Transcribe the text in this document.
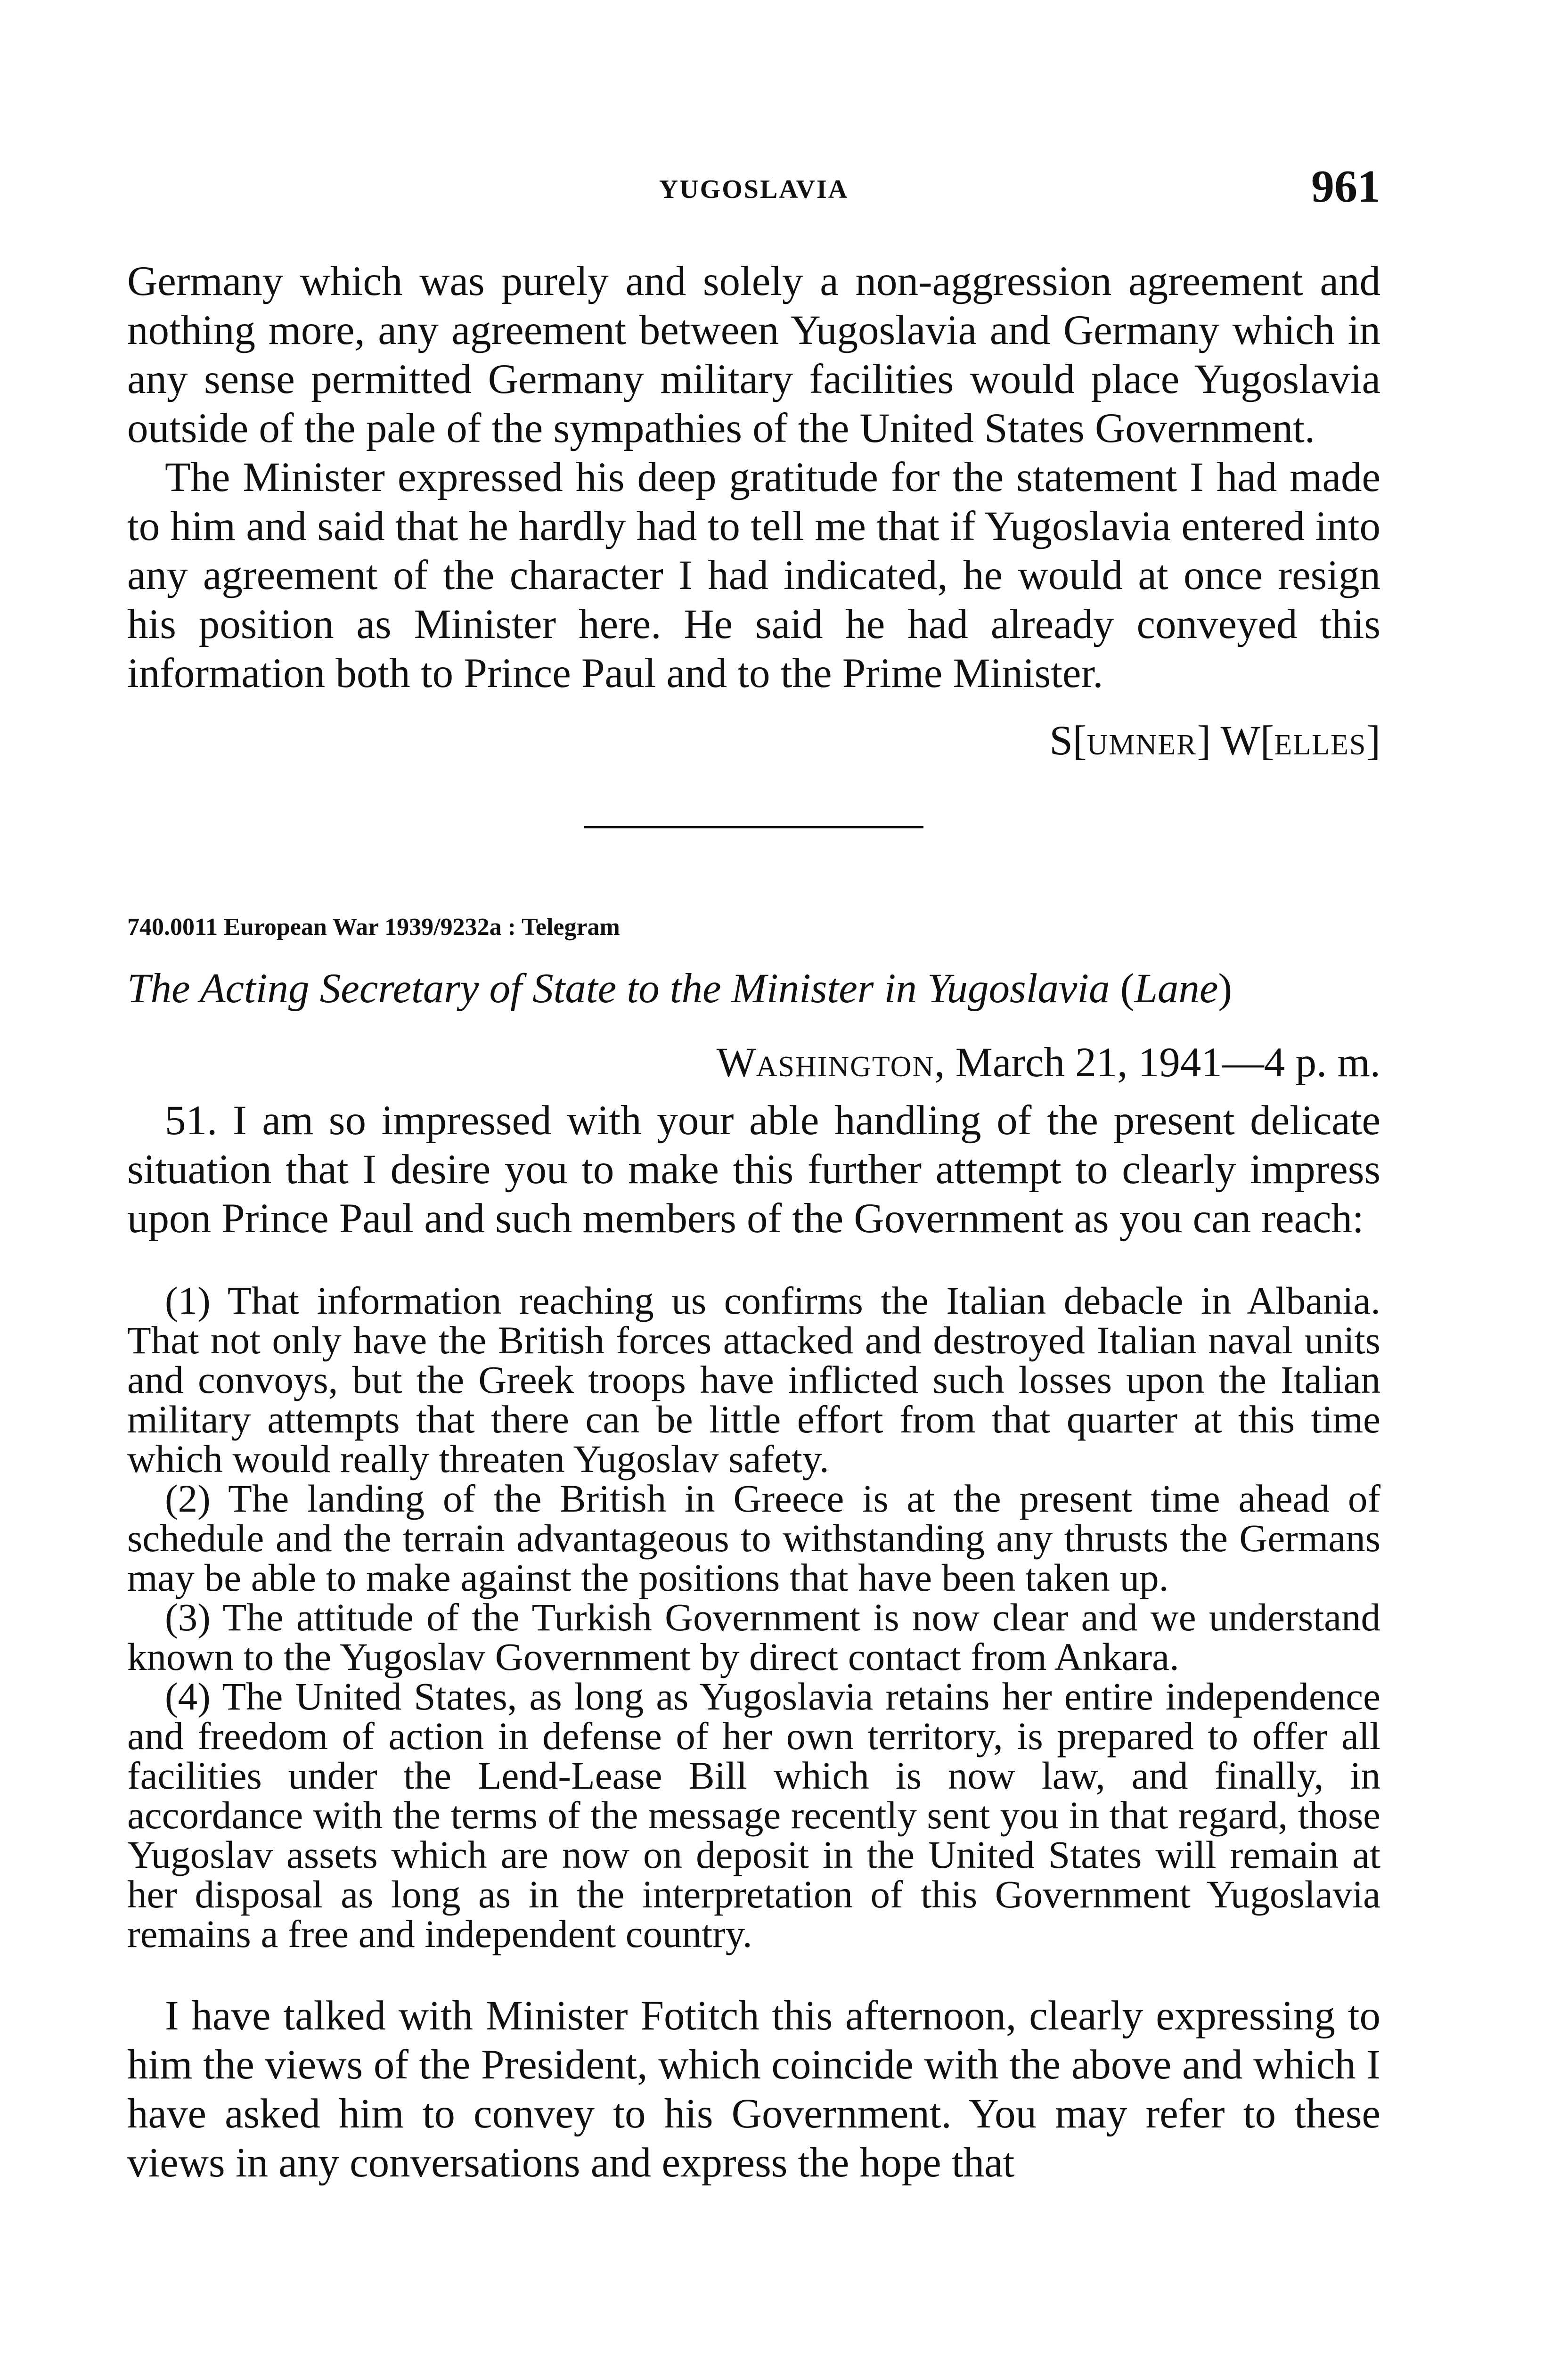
YUGOSLAVIA	961

Germany which was purely and solely a non-aggression agreement and nothing more, any agreement between Yugoslavia and Germany which in any sense permitted Germany military facilities would place Yugoslavia outside of the pale of the sympathies of the United States Government.

The Minister expressed his deep gratitude for the statement I had made to him and said that he hardly had to tell me that if Yugoslavia entered into any agreement of the character I had indicated, he would at once resign his position as Minister here. He said he had already conveyed this information both to Prince Paul and to the Prime Minister.

S[UMNER] W[ELLES]
740.0011 European War 1939/9232a : Telegram
The Acting Secretary of State to the Minister in Yugoslavia (Lane)
WASHINGTON, March 21, 1941—4 p. m.

51. I am so impressed with your able handling of the present delicate situation that I desire you to make this further attempt to clearly impress upon Prince Paul and such members of the Government as you can reach:

(1) That information reaching us confirms the Italian debacle in Albania. That not only have the British forces attacked and destroyed Italian naval units and convoys, but the Greek troops have inflicted such losses upon the Italian military attempts that there can be little effort from that quarter at this time which would really threaten Yugoslav safety.

(2) The landing of the British in Greece is at the present time ahead of schedule and the terrain advantageous to withstanding any thrusts the Germans may be able to make against the positions that have been taken up.

(3) The attitude of the Turkish Government is now clear and we understand known to the Yugoslav Government by direct contact from Ankara.

(4) The United States, as long as Yugoslavia retains her entire independence and freedom of action in defense of her own territory, is prepared to offer all facilities under the Lend-Lease Bill which is now law, and finally, in accordance with the terms of the message recently sent you in that regard, those Yugoslav assets which are now on deposit in the United States will remain at her disposal as long as in the interpretation of this Government Yugoslavia remains a free and independent country.

I have talked with Minister Fotitch this afternoon, clearly expressing to him the views of the President, which coincide with the above and which I have asked him to convey to his Government. You may refer to these views in any conversations and express the hope that
